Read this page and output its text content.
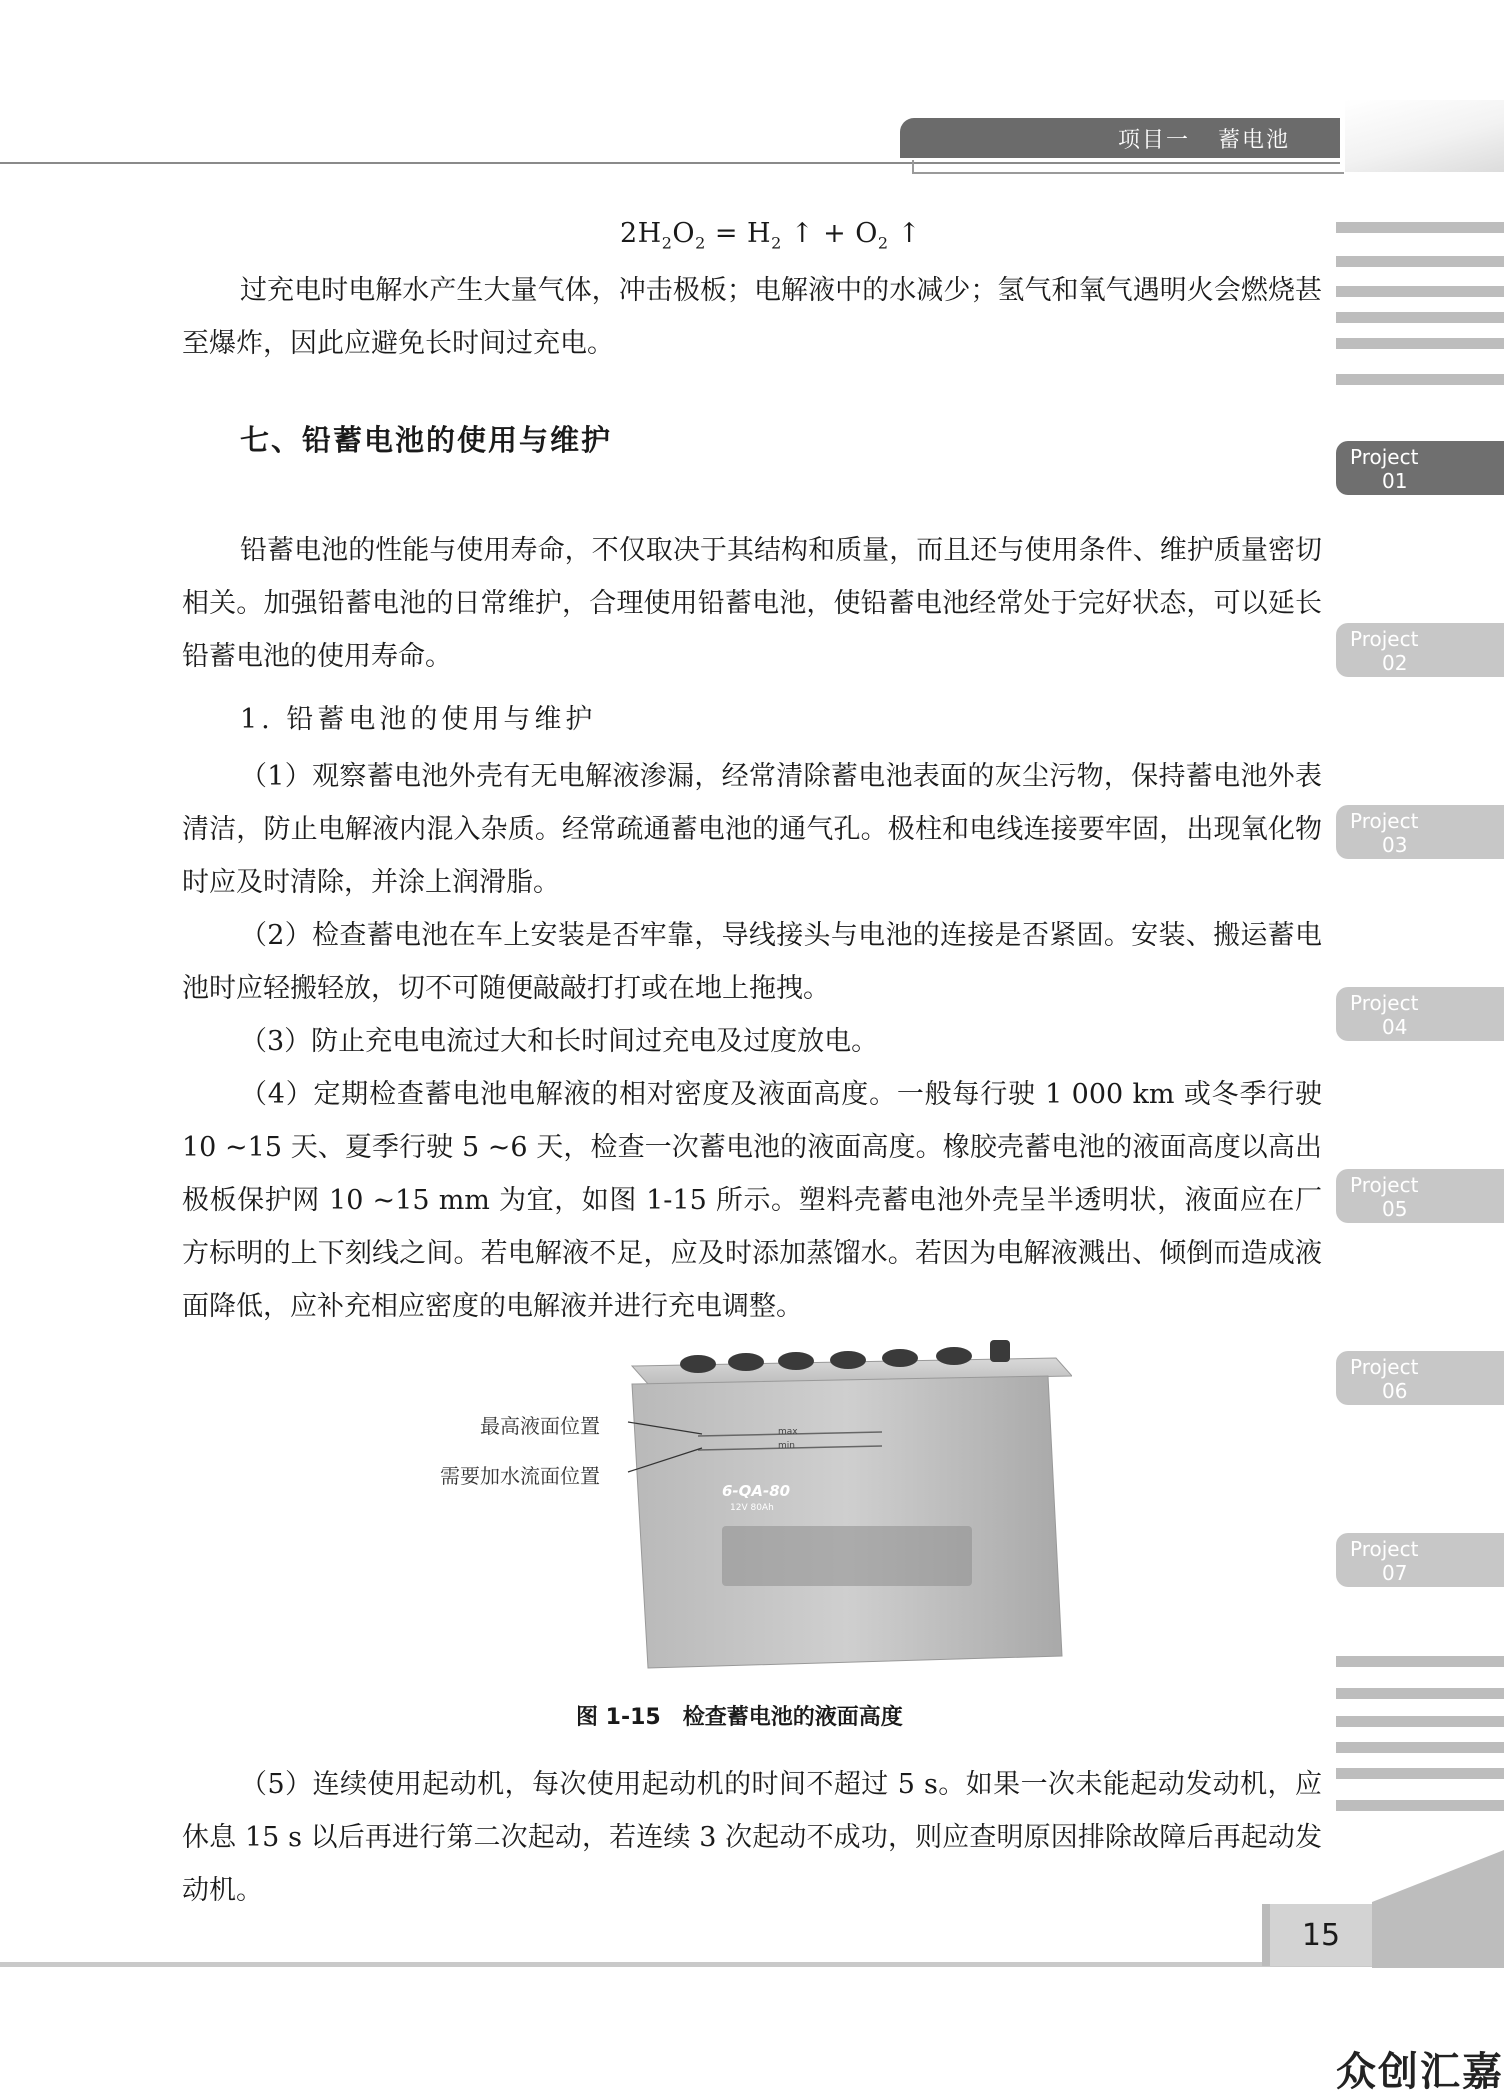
项目一 蓄电池
Project
01
Project
02
Project
03
Project
04
Project
05
Project
06
Project
07
$2H_2O_2 = H_2$ ↑ + $O_2$ ↑

过充电时电解水产生大量气体，冲击极板；电解液中的水减少；氢气和氧气遇明火会燃烧甚至爆炸，因此应避免长时间过充电。

七、铅蓄电池的使用与维护

铅蓄电池的性能与使用寿命，不仅取决于其结构和质量，而且还与使用条件、维护质量密切相关。加强铅蓄电池的日常维护，合理使用铅蓄电池，使铅蓄电池经常处于完好状态，可以延长铅蓄电池的使用寿命。

1. 铅蓄电池的使用与维护

（1）观察蓄电池外壳有无电解液渗漏，经常清除蓄电池表面的灰尘污物，保持蓄电池外表清洁，防止电解液内混入杂质。经常疏通蓄电池的通气孔。极柱和电线连接要牢固，出现氧化物时应及时清除，并涂上润滑脂。

（2）检查蓄电池在车上安装是否牢靠，导线接头与电池的连接是否紧固。安装、搬运蓄电池时应轻搬轻放，切不可随便敲敲打打或在地上拖拽。

（3）防止充电电流过大和长时间过充电及过度放电。

（4）定期检查蓄电池电解液的相对密度及液面高度。一般每行驶 1 000 km 或冬季行驶 10 ~15 天、夏季行驶 5 ~6 天，检查一次蓄电池的液面高度。橡胶壳蓄电池的液面高度以高出极板保护网 10 ~15 mm 为宜，如图 1-15 所示。塑料壳蓄电池外壳呈半透明状，液面应在厂方标明的上下刻线之间。若电解液不足，应及时添加蒸馏水。若因为电解液溅出、倾倒而造成液面降低，应补充相应密度的电解液并进行充电调整。

max
min
6-QA-80
12V 80Ah
最高液面位置
需要加水流面位置
图 1-15　检查蓄电池的液面高度

（5）连续使用起动机，每次使用起动机的时间不超过 5 s。如果一次未能起动发动机，应休息 15 s 以后再进行第二次起动，若连续 3 次起动不成功，则应查明原因排除故障后再起动发动机。

15
众创汇嘉
